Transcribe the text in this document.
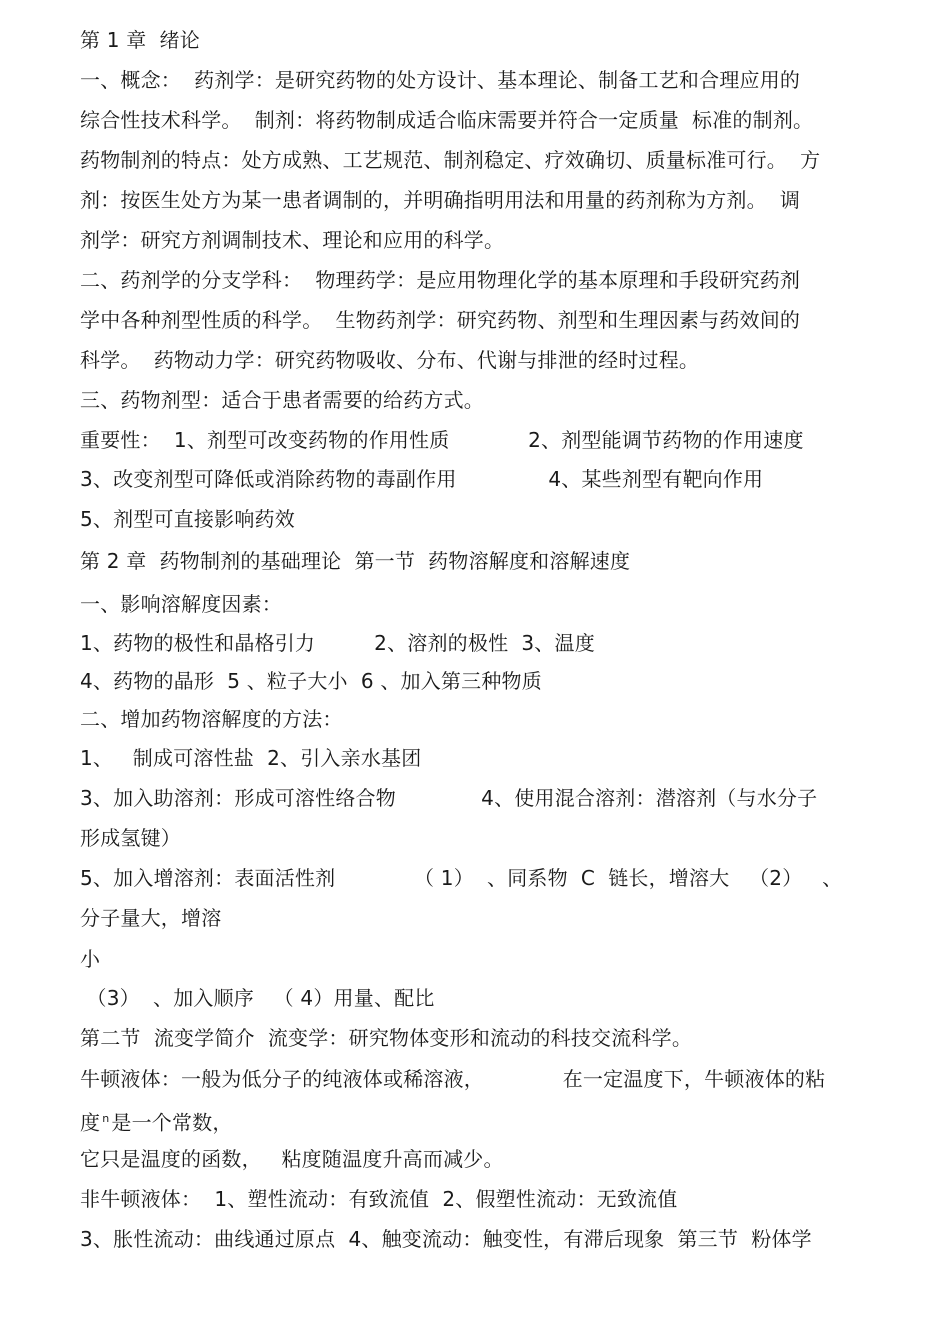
第 1 章  绪论
一、概念：  药剂学：是研究药物的处方设计、基本理论、制备工艺和合理应用的
综合性技术科学。  制剂：将药物制成适合临床需要并符合一定质量  标准的制剂。
药物制剂的特点：处方成熟、工艺规范、制剂稳定、疗效确切、质量标准可行。  方
剂：按医生处方为某一患者调制的，并明确指明用法和用量的药剂称为方剂。  调
剂学：研究方剂调制技术、理论和应用的科学。
二、药剂学的分支学科：  物理药学：是应用物理化学的基本原理和手段研究药剂
学中各种剂型性质的科学。  生物药剂学：研究药物、剂型和生理因素与药效间的
科学。  药物动力学：研究药物吸收、分布、代谢与排泄的经时过程。
三、药物剂型：适合于患者需要的给药方式。
重要性：  1、剂型可改变药物的作用性质            2、剂型能调节药物的作用速度
3、改变剂型可降低或消除药物的毒副作用              4、某些剂型有靶向作用
5、剂型可直接影响药效
第 2 章  药物制剂的基础理论  第一节  药物溶解度和溶解速度
一、影响溶解度因素：
1、药物的极性和晶格引力         2、溶剂的极性  3、温度
4、药物的晶形  5 、粒子大小  6 、加入第三种物质
二、增加药物溶解度的方法：
1、   制成可溶性盐  2、引入亲水基团
3、加入助溶剂：形成可溶性络合物             4、使用混合溶剂：潜溶剂（与水分子
形成氢键）
5、加入增溶剂：表面活性剂            （ 1）  、同系物  C  链长，增溶大   （2）   、
分子量大，增溶
小
（3）  、加入顺序   （ 4）用量、配比
第二节  流变学简介  流变学：研究物体变形和流动的科技交流科学。
牛顿液体：一般为低分子的纯液体或稀溶液，            在一定温度下，牛顿液体的粘
度 $^n$ 是一个常数，
它只是温度的函数，   粘度随温度升高而减少。
非牛顿液体：  1、塑性流动：有致流值  2、假塑性流动：无致流值
3、胀性流动：曲线通过原点  4、触变流动：触变性，有滞后现象  第三节  粉体学
